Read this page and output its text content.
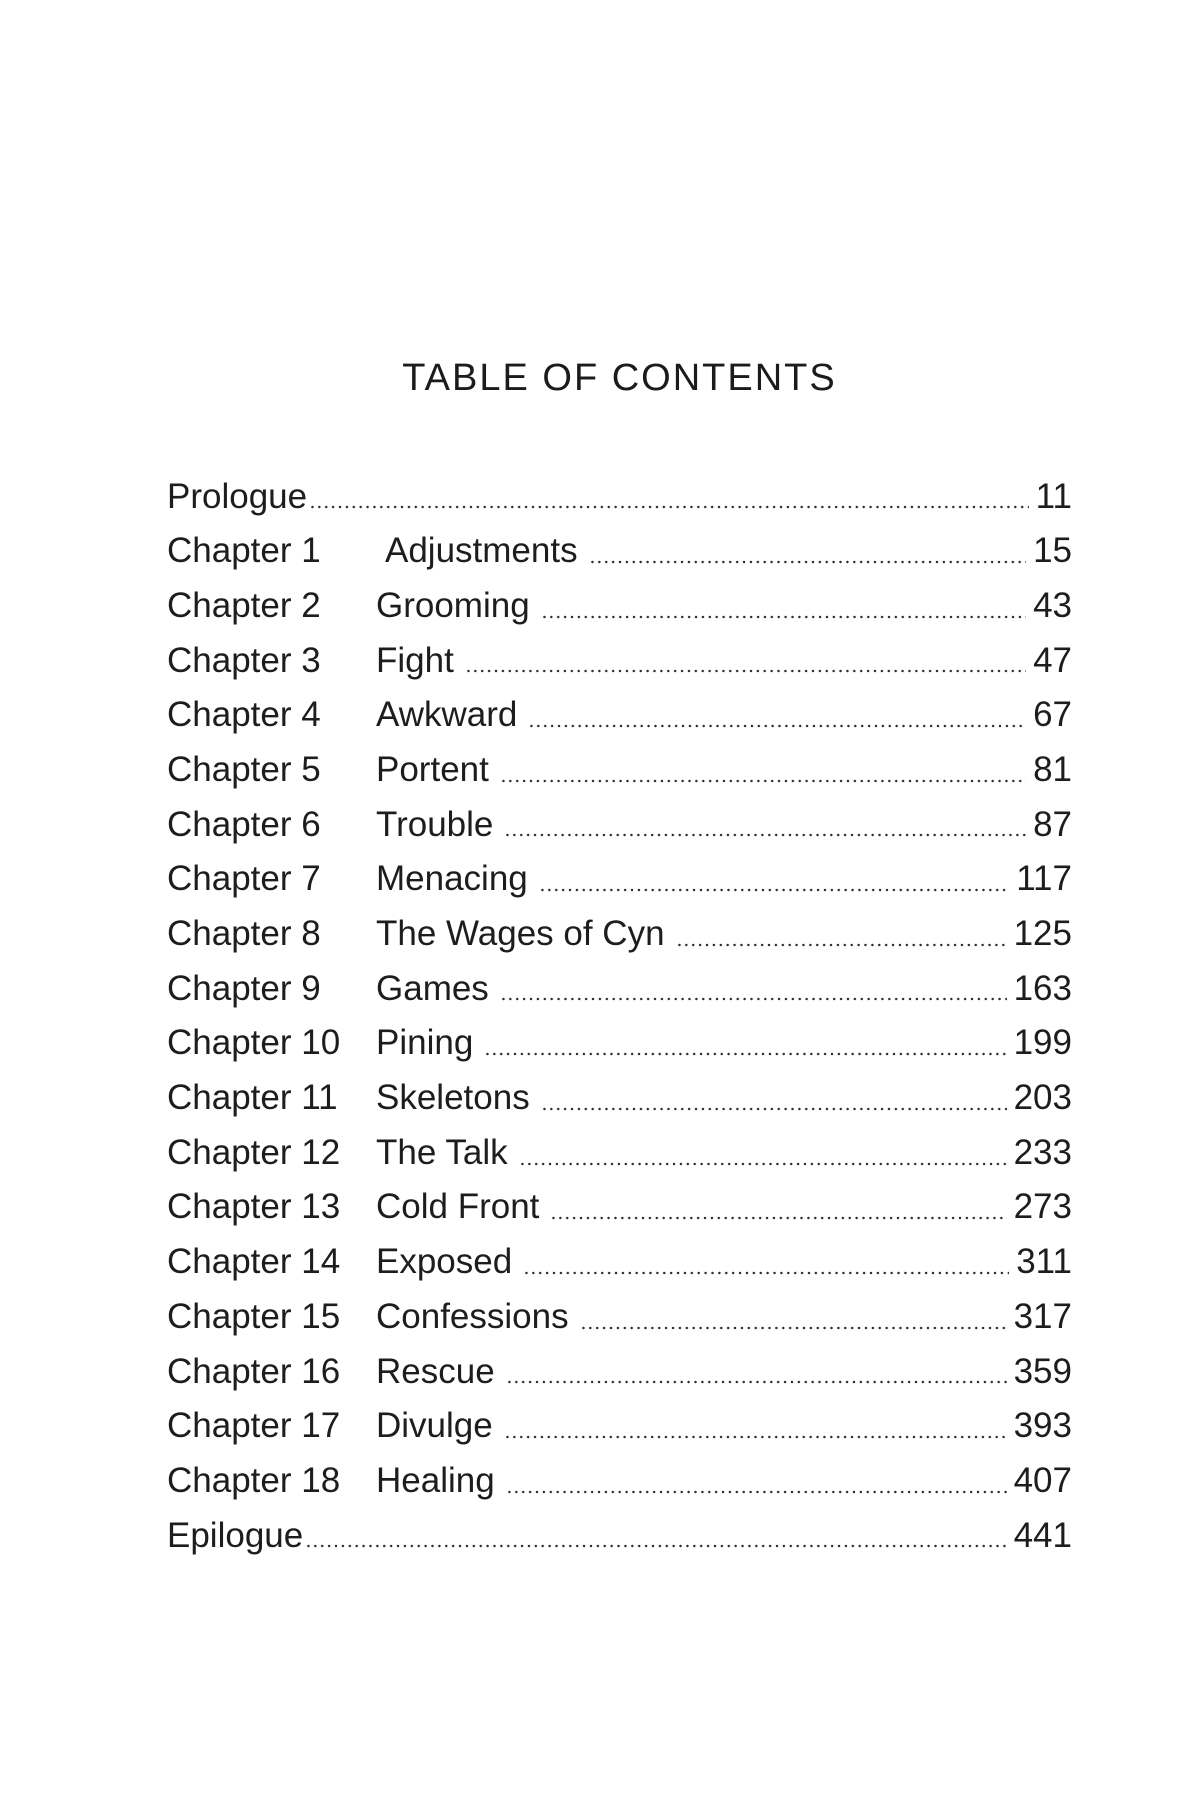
TABLE OF CONTENTS
Prologue	11
Chapter 1	Adjustments	15
Chapter 2	Grooming	43
Chapter 3	Fight	47
Chapter 4	Awkward	67
Chapter 5	Portent	81
Chapter 6	Trouble	87
Chapter 7	Menacing	117
Chapter 8	The Wages of Cyn	125
Chapter 9	Games	163
Chapter 10	Pining	199
Chapter 11	Skeletons	203
Chapter 12	The Talk	233
Chapter 13	Cold Front	273
Chapter 14	Exposed	311
Chapter 15	Confessions	317
Chapter 16	Rescue	359
Chapter 17	Divulge	393
Chapter 18	Healing	407
Epilogue	441
